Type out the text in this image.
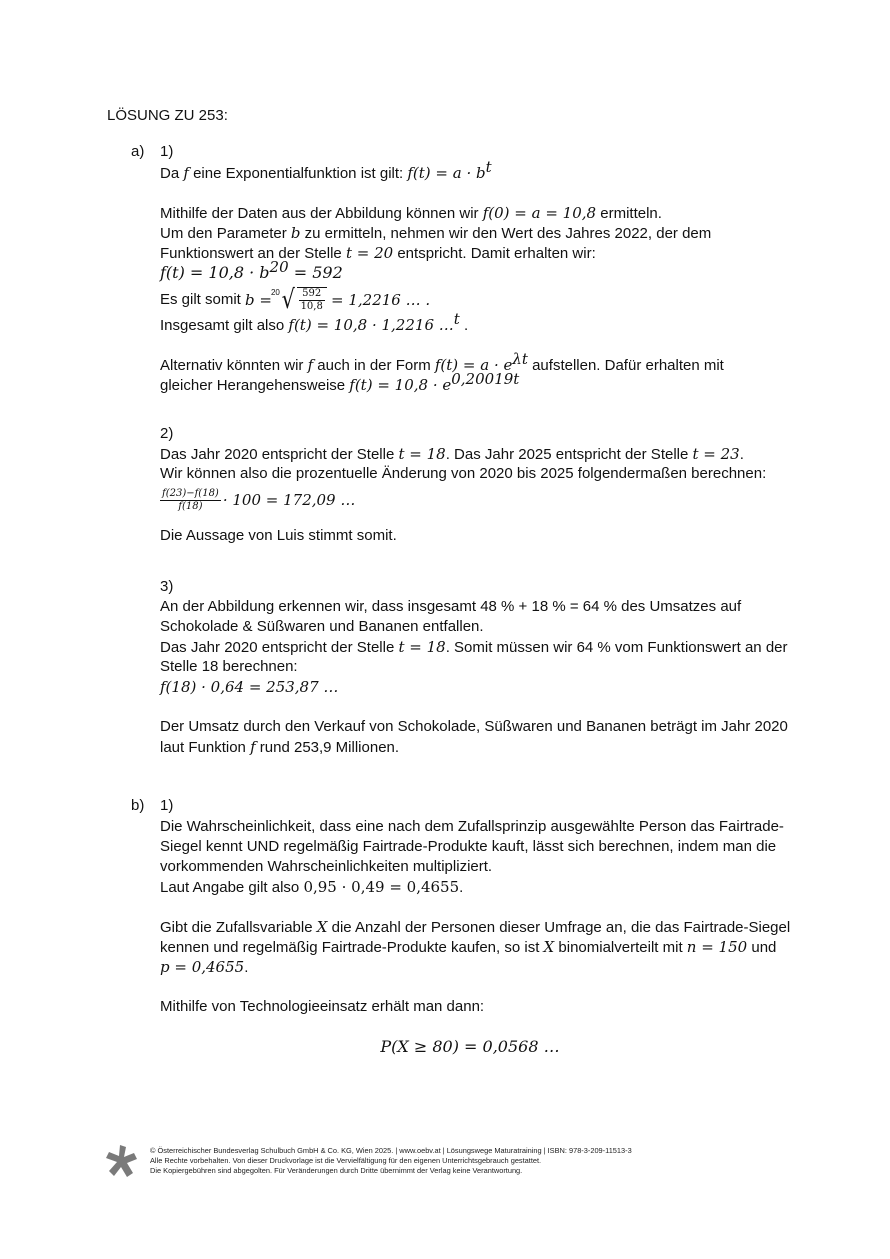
LÖSUNG ZU 253:
a) 1)
Da f eine Exponentialfunktion ist gilt: $f(t) = a \cdot b^t$
Mithilfe der Daten aus der Abbildung können wir f(0) = a = 10,8 ermitteln.
Um den Parameter b zu ermitteln, nehmen wir den Wert des Jahres 2022, der dem
Funktionswert an der Stelle t = 20 entspricht. Damit erhalten wir:
$f(t) = 10,8 \cdot b^{20} = 592$
Es gilt somit
b = 20 √ $\frac{592}{10,8}$
= 1,2216 … .
Insgesamt gilt also f(t) = 10,8 · 1,2216 …$^t$ .
Alternativ könnten wir f auch in der Form $f(t) = a \cdot e^{\lambda t}$ aufstellen. Dafür erhalten mit
gleicher Herangehensweise $f(t) = 10,8 \cdot e^{0,20019t}$
2)
Das Jahr 2020 entspricht der Stelle t = 18. Das Jahr 2025 entspricht der Stelle t = 23.
Wir können also die prozentuelle Änderung von 2020 bis 2025 folgendermaßen berechnen:
$\frac{f(23)-f(18)}{f(18)} \cdot 100 = 172,09$ …
Die Aussage von Luis stimmt somit.
3)
An der Abbildung erkennen wir, dass insgesamt 48 % + 18 % = 64 % des Umsatzes auf
Schokolade & Süßwaren und Bananen entfallen.
Das Jahr 2020 entspricht der Stelle t = 18. Somit müssen wir 64 % vom Funktionswert an der
Stelle 18 berechnen:
f(18) · 0,64 = 253,87 …
Der Umsatz durch den Verkauf von Schokolade, Süßwaren und Bananen beträgt im Jahr 2020
laut Funktion f rund 253,9 Millionen.
b) 1)
Die Wahrscheinlichkeit, dass eine nach dem Zufallsprinzip ausgewählte Person das Fairtrade-
Siegel kennt UND regelmäßig Fairtrade-Produkte kauft, lässt sich berechnen, indem man die
vorkommenden Wahrscheinlichkeiten multipliziert.
Laut Angabe gilt also 0,95 · 0,49 = 0,4655.
Gibt die Zufallsvariable X die Anzahl der Personen dieser Umfrage an, die das Fairtrade-Siegel
kennen und regelmäßig Fairtrade-Produkte kaufen, so ist X binomialverteilt mit n = 150 und
p = 0,4655.
Mithilfe von Technologieeinsatz erhält man dann:
P(X ≥ 80) = 0,0568 …
© Österreichischer Bundesverlag Schulbuch GmbH & Co. KG, Wien 2025. | www.oebv.at | Lösungswege Maturatraining | ISBN: 978-3-209-11513-3
Alle Rechte vorbehalten. Von dieser Druckvorlage ist die Vervielfältigung für den eigenen Unterrichtsgebrauch gestattet.
Die Kopiergebühren sind abgegolten. Für Veränderungen durch Dritte übernimmt der Verlag keine Verantwortung.
